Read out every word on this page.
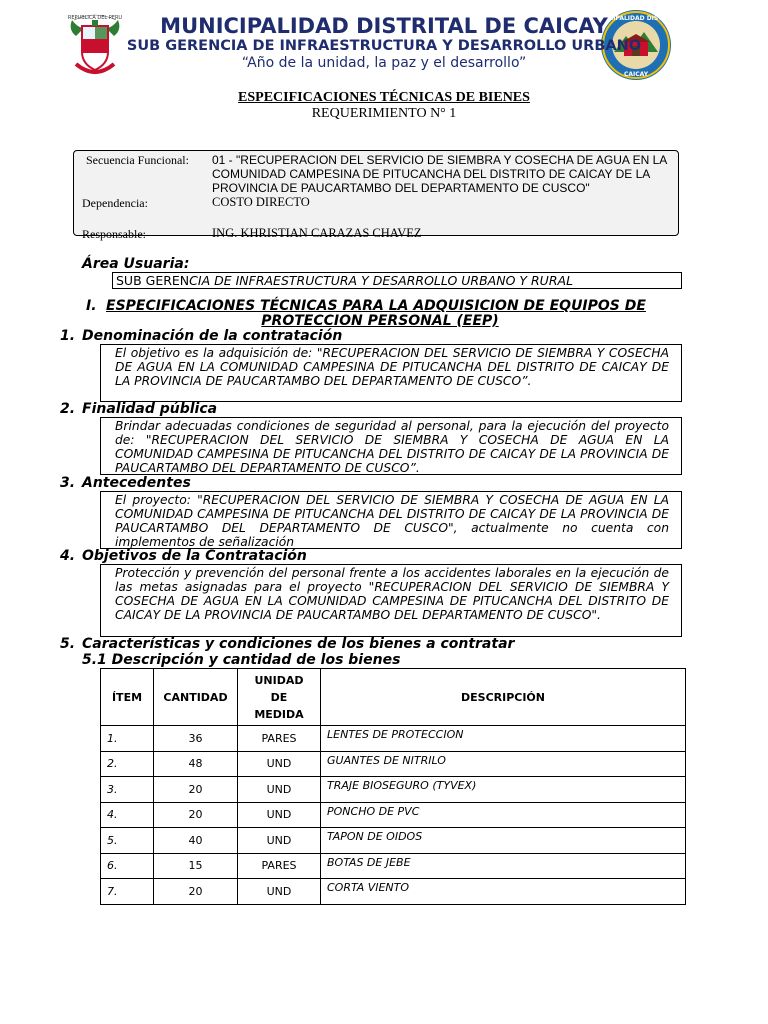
REPUBLICA DEL PERU	MUNICIPALIDAD DISTRITAL
CAICAY
MUNICIPALIDAD DISTRITAL DE CAICAY
SUB GERENCIA DE INFRAESTRUCTURA Y DESARROLLO URBANO
“Año de la unidad, la paz y el desarrollo”
ESPECIFICACIONES TÉCNICAS DE BIENES
REQUERIMIENTO N° 1
Secuencia Funcional: 01 - "RECUPERACION DEL SERVICIO DE SIEMBRA Y COSECHA DE AGUA EN LA COMUNIDAD CAMPESINA DE PITUCANCHA DEL DISTRITO DE CAICAY DE LA PROVINCIA DE PAUCARTAMBO DEL DEPARTAMENTO DE CUSCO"
Dependencia:	COSTO DIRECTO
Responsable:	ING. KHRISTIAN CARAZAS CHAVEZ
Área Usuaria:
SUB GERENCIA DE INFRAESTRUCTURA Y DESARROLLO URBANO Y RURAL
I. ESPECIFICACIONES TÉCNICAS PARA LA ADQUISICION DE EQUIPOS DE
PROTECCION PERSONAL (EEP)
1. Denominación de la contratación
El objetivo es la adquisición de: "RECUPERACION DEL SERVICIO DE SIEMBRA Y COSECHA DE AGUA EN LA COMUNIDAD CAMPESINA DE PITUCANCHA DEL DISTRITO DE CAICAY DE LA PROVINCIA DE PAUCARTAMBO DEL DEPARTAMENTO DE CUSCO”.
2. Finalidad pública
Brindar adecuadas condiciones de seguridad al personal, para la ejecución del proyecto de: "RECUPERACION DEL SERVICIO DE SIEMBRA Y COSECHA DE AGUA EN LA COMUNIDAD CAMPESINA DE PITUCANCHA DEL DISTRITO DE CAICAY DE LA PROVINCIA DE PAUCARTAMBO DEL DEPARTAMENTO DE CUSCO”.
3. Antecedentes
El proyecto: "RECUPERACION DEL SERVICIO DE SIEMBRA Y COSECHA DE AGUA EN LA COMUNIDAD CAMPESINA DE PITUCANCHA DEL DISTRITO DE CAICAY DE LA PROVINCIA DE PAUCARTAMBO DEL DEPARTAMENTO DE CUSCO", actualmente no cuenta con implementos de señalización
4. Objetivos de la Contratación
Protección y prevención del personal frente a los accidentes laborales en la ejecución de las metas asignadas para el proyecto "RECUPERACION DEL SERVICIO DE SIEMBRA Y COSECHA DE AGUA EN LA COMUNIDAD CAMPESINA DE PITUCANCHA DEL DISTRITO DE CAICAY DE LA PROVINCIA DE PAUCARTAMBO DEL DEPARTAMENTO DE CUSCO".
5. Características y condiciones de los bienes a contratar
5.1 Descripción y cantidad de los bienes
ÍTEM	CANTIDAD	UNIDAD DE MEDIDA	DESCRIPCIÓN
1.	36	PARES	LENTES DE PROTECCION
2.	48	UND	GUANTES DE NITRILO
3.	20	UND	TRAJE BIOSEGURO (TYVEX)
4.	20	UND	PONCHO DE PVC
5.	40	UND	TAPON DE OIDOS
6.	15	PARES	BOTAS DE JEBE
7.	20	UND	CORTA VIENTO
